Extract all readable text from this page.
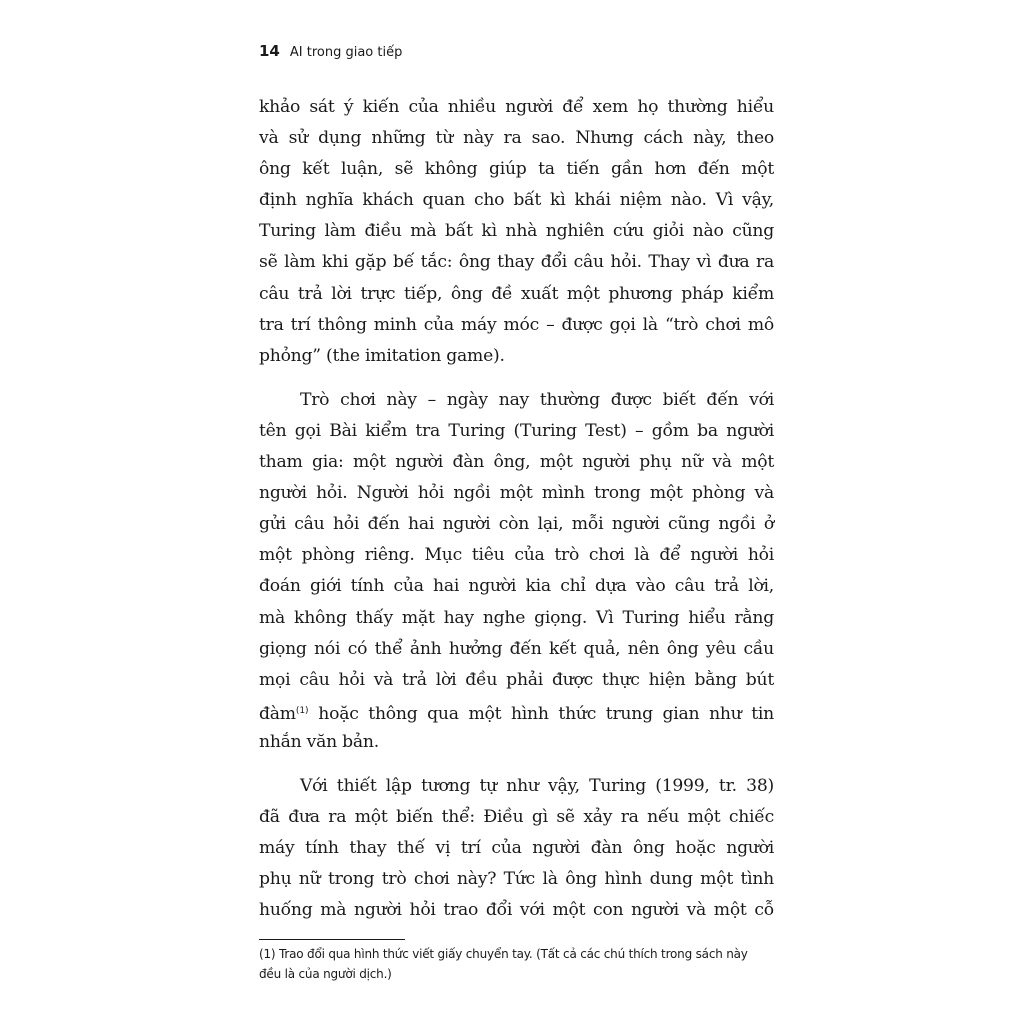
14 AI trong giao tiếp
khảo sát ý kiến của nhiều người để xem họ thường hiểu
và sử dụng những từ này ra sao. Nhưng cách này, theo
ông kết luận, sẽ không giúp ta tiến gần hơn đến một
định nghĩa khách quan cho bất kì khái niệm nào. Vì vậy,
Turing làm điều mà bất kì nhà nghiên cứu giỏi nào cũng
sẽ làm khi gặp bế tắc: ông thay đổi câu hỏi. Thay vì đưa ra
câu trả lời trực tiếp, ông đề xuất một phương pháp kiểm
tra trí thông minh của máy móc – được gọi là “trò chơi mô
phỏng” (the imitation game).
Trò chơi này – ngày nay thường được biết đến với
tên gọi Bài kiểm tra Turing (Turing Test) – gồm ba người
tham gia: một người đàn ông, một người phụ nữ và một
người hỏi. Người hỏi ngồi một mình trong một phòng và
gửi câu hỏi đến hai người còn lại, mỗi người cũng ngồi ở
một phòng riêng. Mục tiêu của trò chơi là để người hỏi
đoán giới tính của hai người kia chỉ dựa vào câu trả lời,
mà không thấy mặt hay nghe giọng. Vì Turing hiểu rằng
giọng nói có thể ảnh hưởng đến kết quả, nên ông yêu cầu
mọi câu hỏi và trả lời đều phải được thực hiện bằng bút
đàm$^{(1)}$ hoặc thông qua một hình thức trung gian như tin
nhắn văn bản.
Với thiết lập tương tự như vậy, Turing (1999, tr. 38)
đã đưa ra một biến thể: Điều gì sẽ xảy ra nếu một chiếc
máy tính thay thế vị trí của người đàn ông hoặc người
phụ nữ trong trò chơi này? Tức là ông hình dung một tình
huống mà người hỏi trao đổi với một con người và một cỗ
(1) Trao đổi qua hình thức viết giấy chuyển tay. (Tất cả các chú thích trong sách này
đều là của người dịch.)
